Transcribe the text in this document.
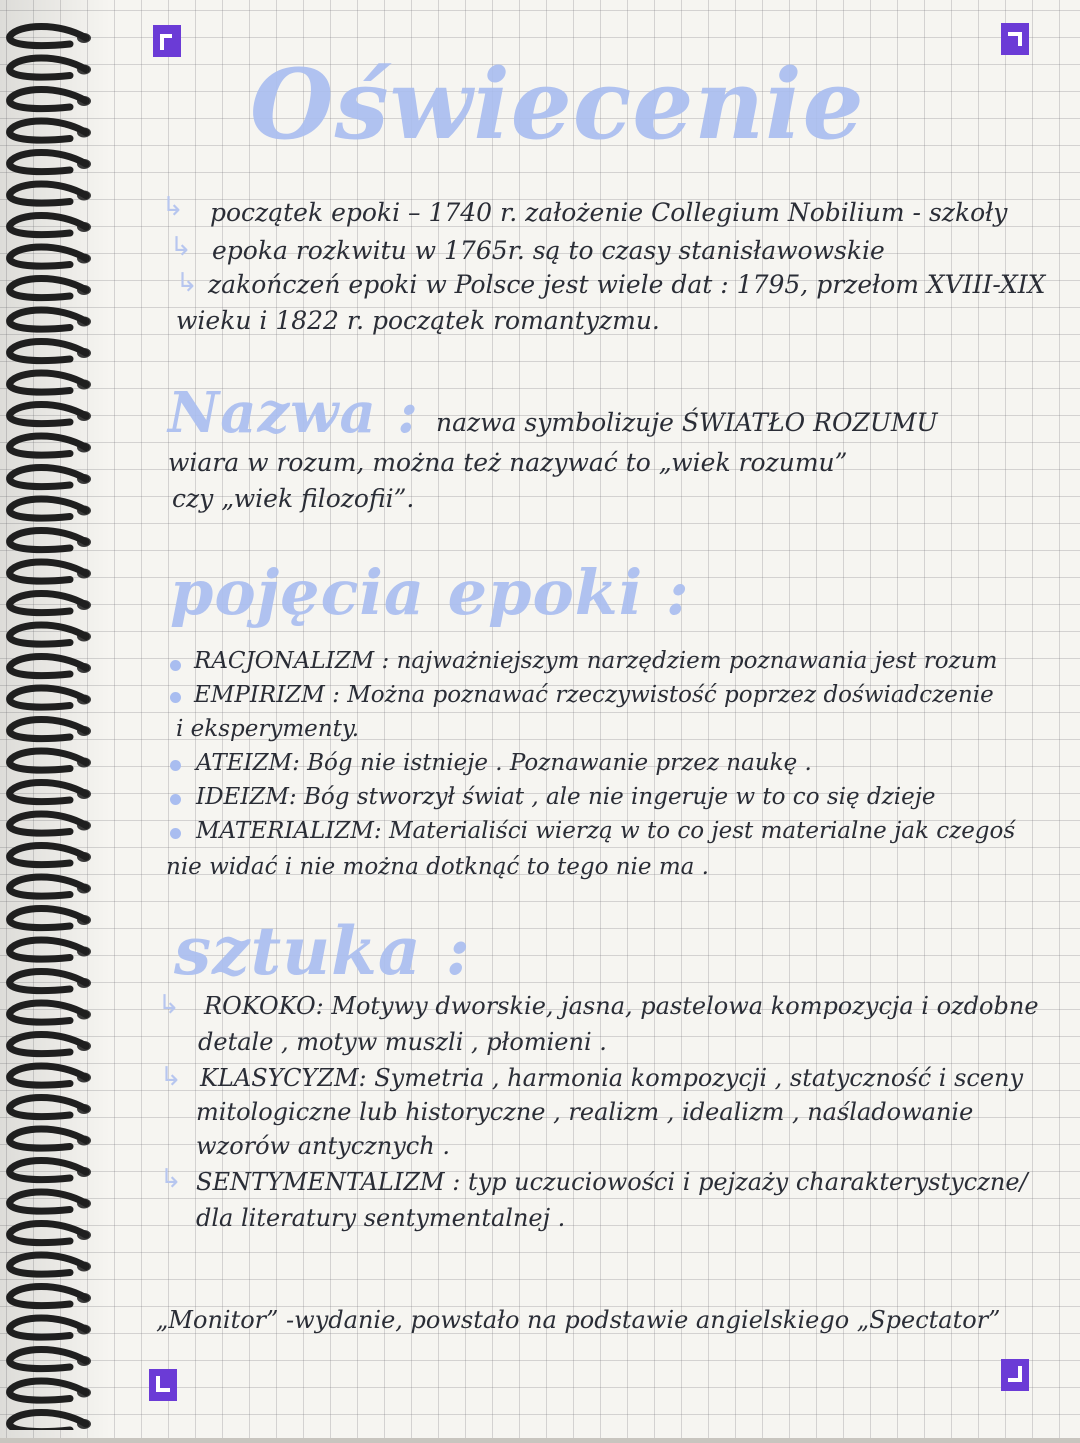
Oświecenie
↳
↳
↳
początek epoki – 1740 r. założenie Collegium Nobilium - szkoły
epoka rozkwitu w 1765r. są to czasy stanisławowskie
zakończeń epoki w Polsce jest wiele dat : 1795, przełom XVIII-XIX
wieku i 1822 r. początek romantyzmu.
Nazwa : nazwa symbolizuje ŚWIATŁO ROZUMU
wiara w rozum, można też nazywać to „wiek rozumu”
czy „wiek filozofii”.
pojęcia epoki :
RACJONALIZM : najważniejszym narzędziem poznawania jest rozum
EMPIRIZM : Można poznawać rzeczywistość poprzez doświadczenie
i eksperymenty.
ATEIZM: Bóg nie istnieje . Poznawanie przez naukę .
IDEIZM: Bóg stworzył świat , ale nie ingeruje w to co się dzieje
MATERIALIZM: Materialiści wierzą w to co jest materialne jak czegoś
nie widać i nie można dotknąć to tego nie ma .
sztuka :
↳
↳
↳
ROKOKO: Motywy dworskie, jasna, pastelowa kompozycja i ozdobne
detale , motyw muszli , płomieni .
KLASYCYZM: Symetria , harmonia kompozycji , statyczność i sceny
mitologiczne lub historyczne , realizm , idealizm , naśladowanie
wzorów antycznych .
SENTYMENTALIZM : typ uczuciowości i pejzaży charakterystyczne/
dla literatury sentymentalnej .
„Monitor” -wydanie, powstało na podstawie angielskiego „Spectator”
